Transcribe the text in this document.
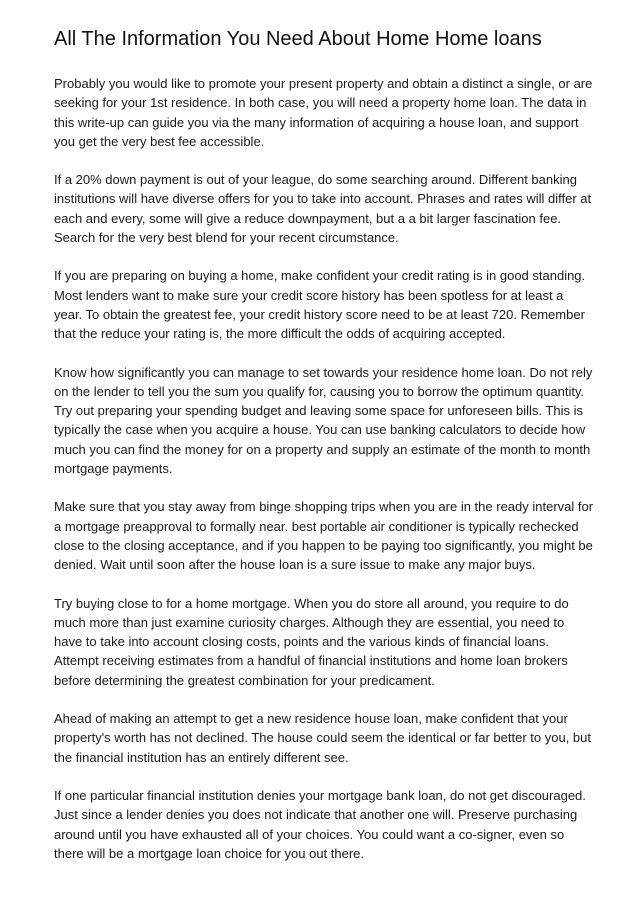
All The Information You Need About Home Home loans

Probably you would like to promote your present property and obtain a distinct a single, or are seeking for your 1st residence. In both case, you will need a property home loan. The data in this write-up can guide you via the many information of acquiring a house loan, and support you get the very best fee accessible.

If a 20% down payment is out of your league, do some searching around. Different banking institutions will have diverse offers for you to take into account. Phrases and rates will differ at each and every, some will give a reduce downpayment, but a a bit larger fascination fee. Search for the very best blend for your recent circumstance.

If you are preparing on buying a home, make confident your credit rating is in good standing. Most lenders want to make sure your credit score history has been spotless for at least a year. To obtain the greatest fee, your credit history score need to be at least 720. Remember that the reduce your rating is, the more difficult the odds of acquiring accepted.

Know how significantly you can manage to set towards your residence home loan. Do not rely on the lender to tell you the sum you qualify for, causing you to borrow the optimum quantity. Try out preparing your spending budget and leaving some space for unforeseen bills. This is typically the case when you acquire a house. You can use banking calculators to decide how much you can find the money for on a property and supply an estimate of the month to month mortgage payments.

Make sure that you stay away from binge shopping trips when you are in the ready interval for a mortgage preapproval to formally near. best portable air conditioner is typically rechecked close to the closing acceptance, and if you happen to be paying too significantly, you might be denied. Wait until soon after the house loan is a sure issue to make any major buys.

Try buying close to for a home mortgage. When you do store all around, you require to do much more than just examine curiosity charges. Although they are essential, you need to have to take into account closing costs, points and the various kinds of financial loans. Attempt receiving estimates from a handful of financial institutions and home loan brokers before determining the greatest combination for your predicament.

Ahead of making an attempt to get a new residence house loan, make confident that your property's worth has not declined. The house could seem the identical or far better to you, but the financial institution has an entirely different see.

If one particular financial institution denies your mortgage bank loan, do not get discouraged. Just since a lender denies you does not indicate that another one will. Preserve purchasing around until you have exhausted all of your choices. You could want a co-signer, even so there will be a mortgage loan choice for you out there.
